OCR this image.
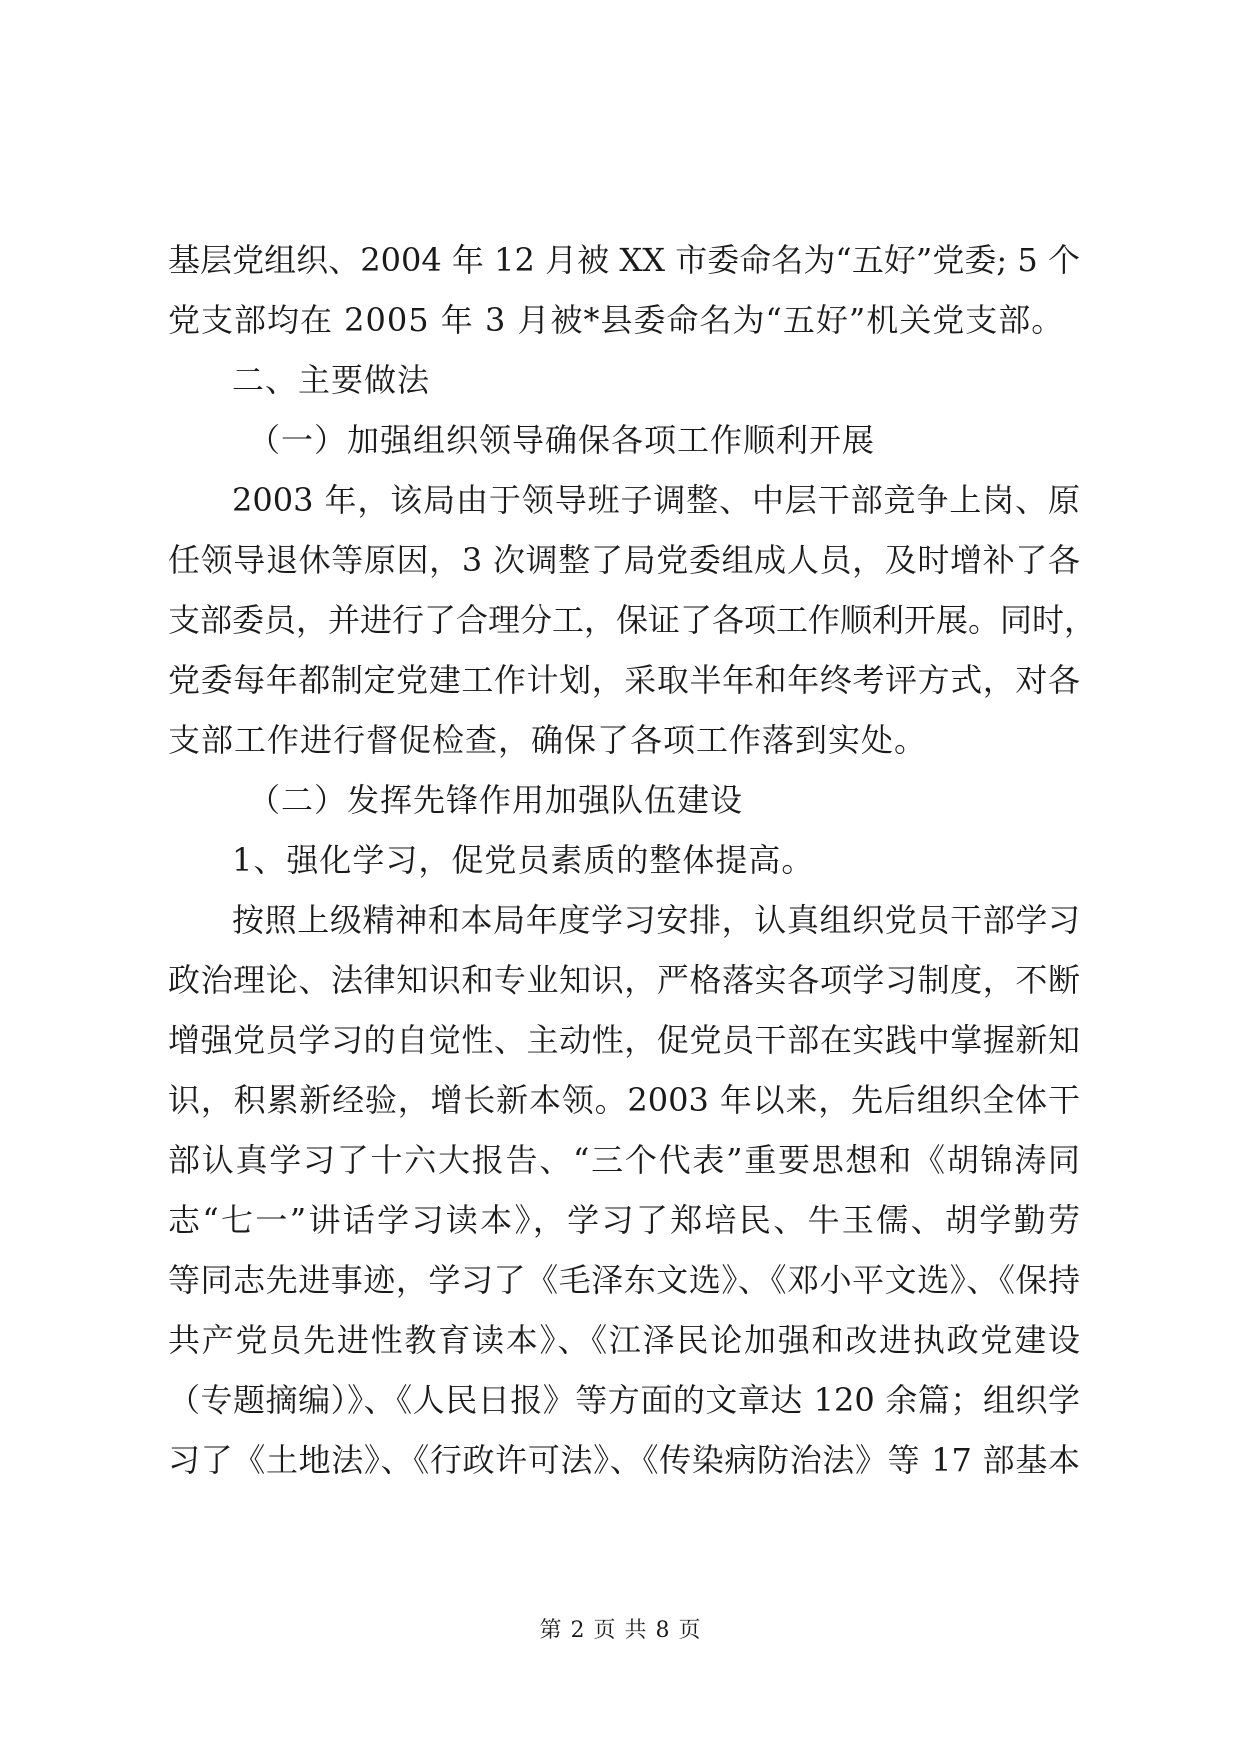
基层党组织、2004 年 12 月被 XX 市委命名为“五好”党委; 5 个
党支部均在 2005 年 3 月被*县委命名为“五好”机关党支部。
二、主要做法
（一）加强组织领导确保各项工作顺利开展
2003 年，该局由于领导班子调整、中层干部竞争上岗、原
任领导退休等原因，3 次调整了局党委组成人员，及时增补了各
支部委员，并进行了合理分工，保证了各项工作顺利开展。同时，
党委每年都制定党建工作计划，采取半年和年终考评方式，对各
支部工作进行督促检查，确保了各项工作落到实处。
（二）发挥先锋作用加强队伍建设
1、强化学习，促党员素质的整体提高。
按照上级精神和本局年度学习安排，认真组织党员干部学习
政治理论、法律知识和专业知识，严格落实各项学习制度，不断
增强党员学习的自觉性、主动性，促党员干部在实践中掌握新知
识，积累新经验，增长新本领。2003 年以来，先后组织全体干
部认真学习了十六大报告、“三个代表”重要思想和《胡锦涛同
志“七一”讲话学习读本》，学习了郑培民、牛玉儒、胡学勤劳
等同志先进事迹，学习了《毛泽东文选》、《邓小平文选》、《保持
共产党员先进性教育读本》、《江泽民论加强和改进执政党建设
（专题摘编）》、《人民日报》等方面的文章达 120 余篇；组织学
习了《土地法》、《行政许可法》、《传染病防治法》等 17 部基本
第 2 页 共 8 页
